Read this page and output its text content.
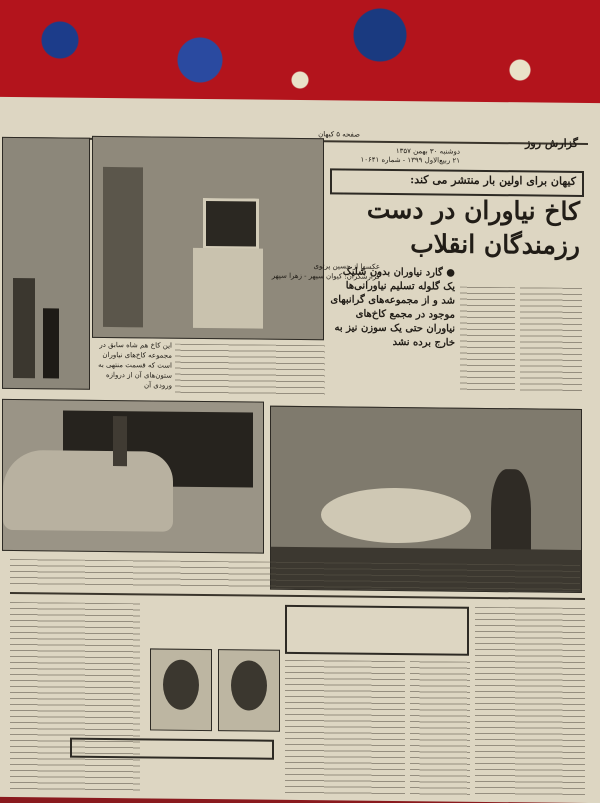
گزارش روز
دوشنبه ۳۰ بهمن ۱۳۵۷
۲۱ ربیع‌الاول ۱۳۹۹ - شماره ۱۰۶۴۱
صفحه ۵ کیهان
کیهان برای اولین بار منتشر می کند:
کاخ نیاوران در دست
رزمندگان انقلاب
عکسها از حسین پرتوی
گزارشگران: کیوان سپهر - زهرا سپهر
● گارد نیاوران بدون شلیک یک گلوله تسلیم نیاورانی‌ها شد و از مجموعه‌های گرانبهای موجود در مجمع کاخ‌های نیاوران حتی یک سوزن نیز به خارج برده نشد
این کاخ هم شاه سابق در مجموعه کاخ‌های نیاوران است که قسمت منتهی به ستون‌های آن از دروازه ورودی آن
